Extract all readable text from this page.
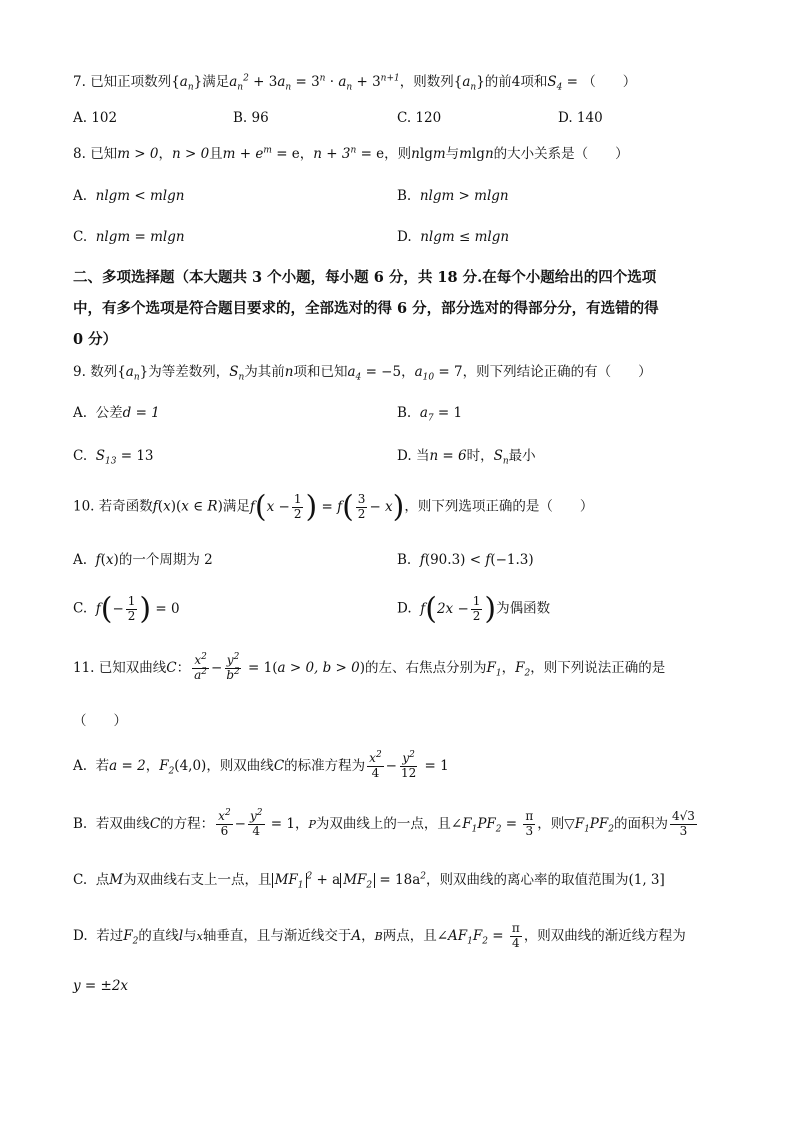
7. 已知正项数列$\{a_n\}$满足$a_n^2 + 3a_n = 3^n \cdot a_n + 3^{n+1}$，则数列$\{a_n\}$的前4项和$S_4$ = （　　）
A. 102	B. 96	C. 120	D. 140
8. 已知m > 0，n > 0且$m + e^m = e$，$n + 3^n = e$，则nlgm与mlgn的大小关系是（　　）
A. nlgm < mlgn	B. nlgm > mlgn
C. nlgm = mlgn	D. nlgm ≤ mlgn
二、多项选择题（本大题共 3 个小题，每小题 6 分，共 18 分.在每个小题给出的四个选项
中，有多个选项是符合题目要求的，全部选对的得 6 分，部分选对的得部分分，有选错的得
0 分）
9. 数列$\{a_n\}$为等差数列，$S_n$为其前n项和已知$a_4 = -5$，$a_{10} = 7$，则下列结论正确的有（　　）
A. 公差d = 1	B. $a_7 = 1$
C. $S_{13} = 13$	D. 当n = 6时，$S_n$最小
10. 若奇函数f(x)(x ∈ R)满足$f(x - \frac{1}{2}$ ) = $f( \frac{3}{2} - x)$，则下列选项正确的是（　　）
A. f(x)的一个周期为 2	B. f(90.3) < f(−1.3)
C. $f(- \frac{1}{2}$ ) = 0	D. $f(2x - \frac{1}{2}$ )为偶函数
11. 已知双曲线C： $\frac{x^2}{a^2} - \frac{y^2}{b^2} = 1(a > 0$, b > 0)的左、右焦点分别为$F_1$，$F_2$，则下列说法正确的是
（　　）
A. 若a = 2，$F_2(4,0)$，则双曲线C的标准方程为 $\frac{x^2}{4} - \frac{y^2}{12} = 1$
B. 若双曲线C的方程： $\frac{x^2}{6} - \frac{y^2}{4} = 1$，P为双曲线上的一点，且$\angle F_1PF_2 = \frac{\pi}{3}$ ，则$▽F_1PF_2$的面积为 $\frac{4√3}{3}$
C. 点M为双曲线右支上一点，且 $MF_1^2 + a$ $MF_2 = 18a^2$，则双曲线的离心率的取值范围为(1, 3]
D. 若过$F_2$的直线l与x轴垂直，且与渐近线交于A，B两点，且$\angle AF_1F_2 = \frac{\pi}{4}$ ，则双曲线的渐近线方程为
y = ±2x
